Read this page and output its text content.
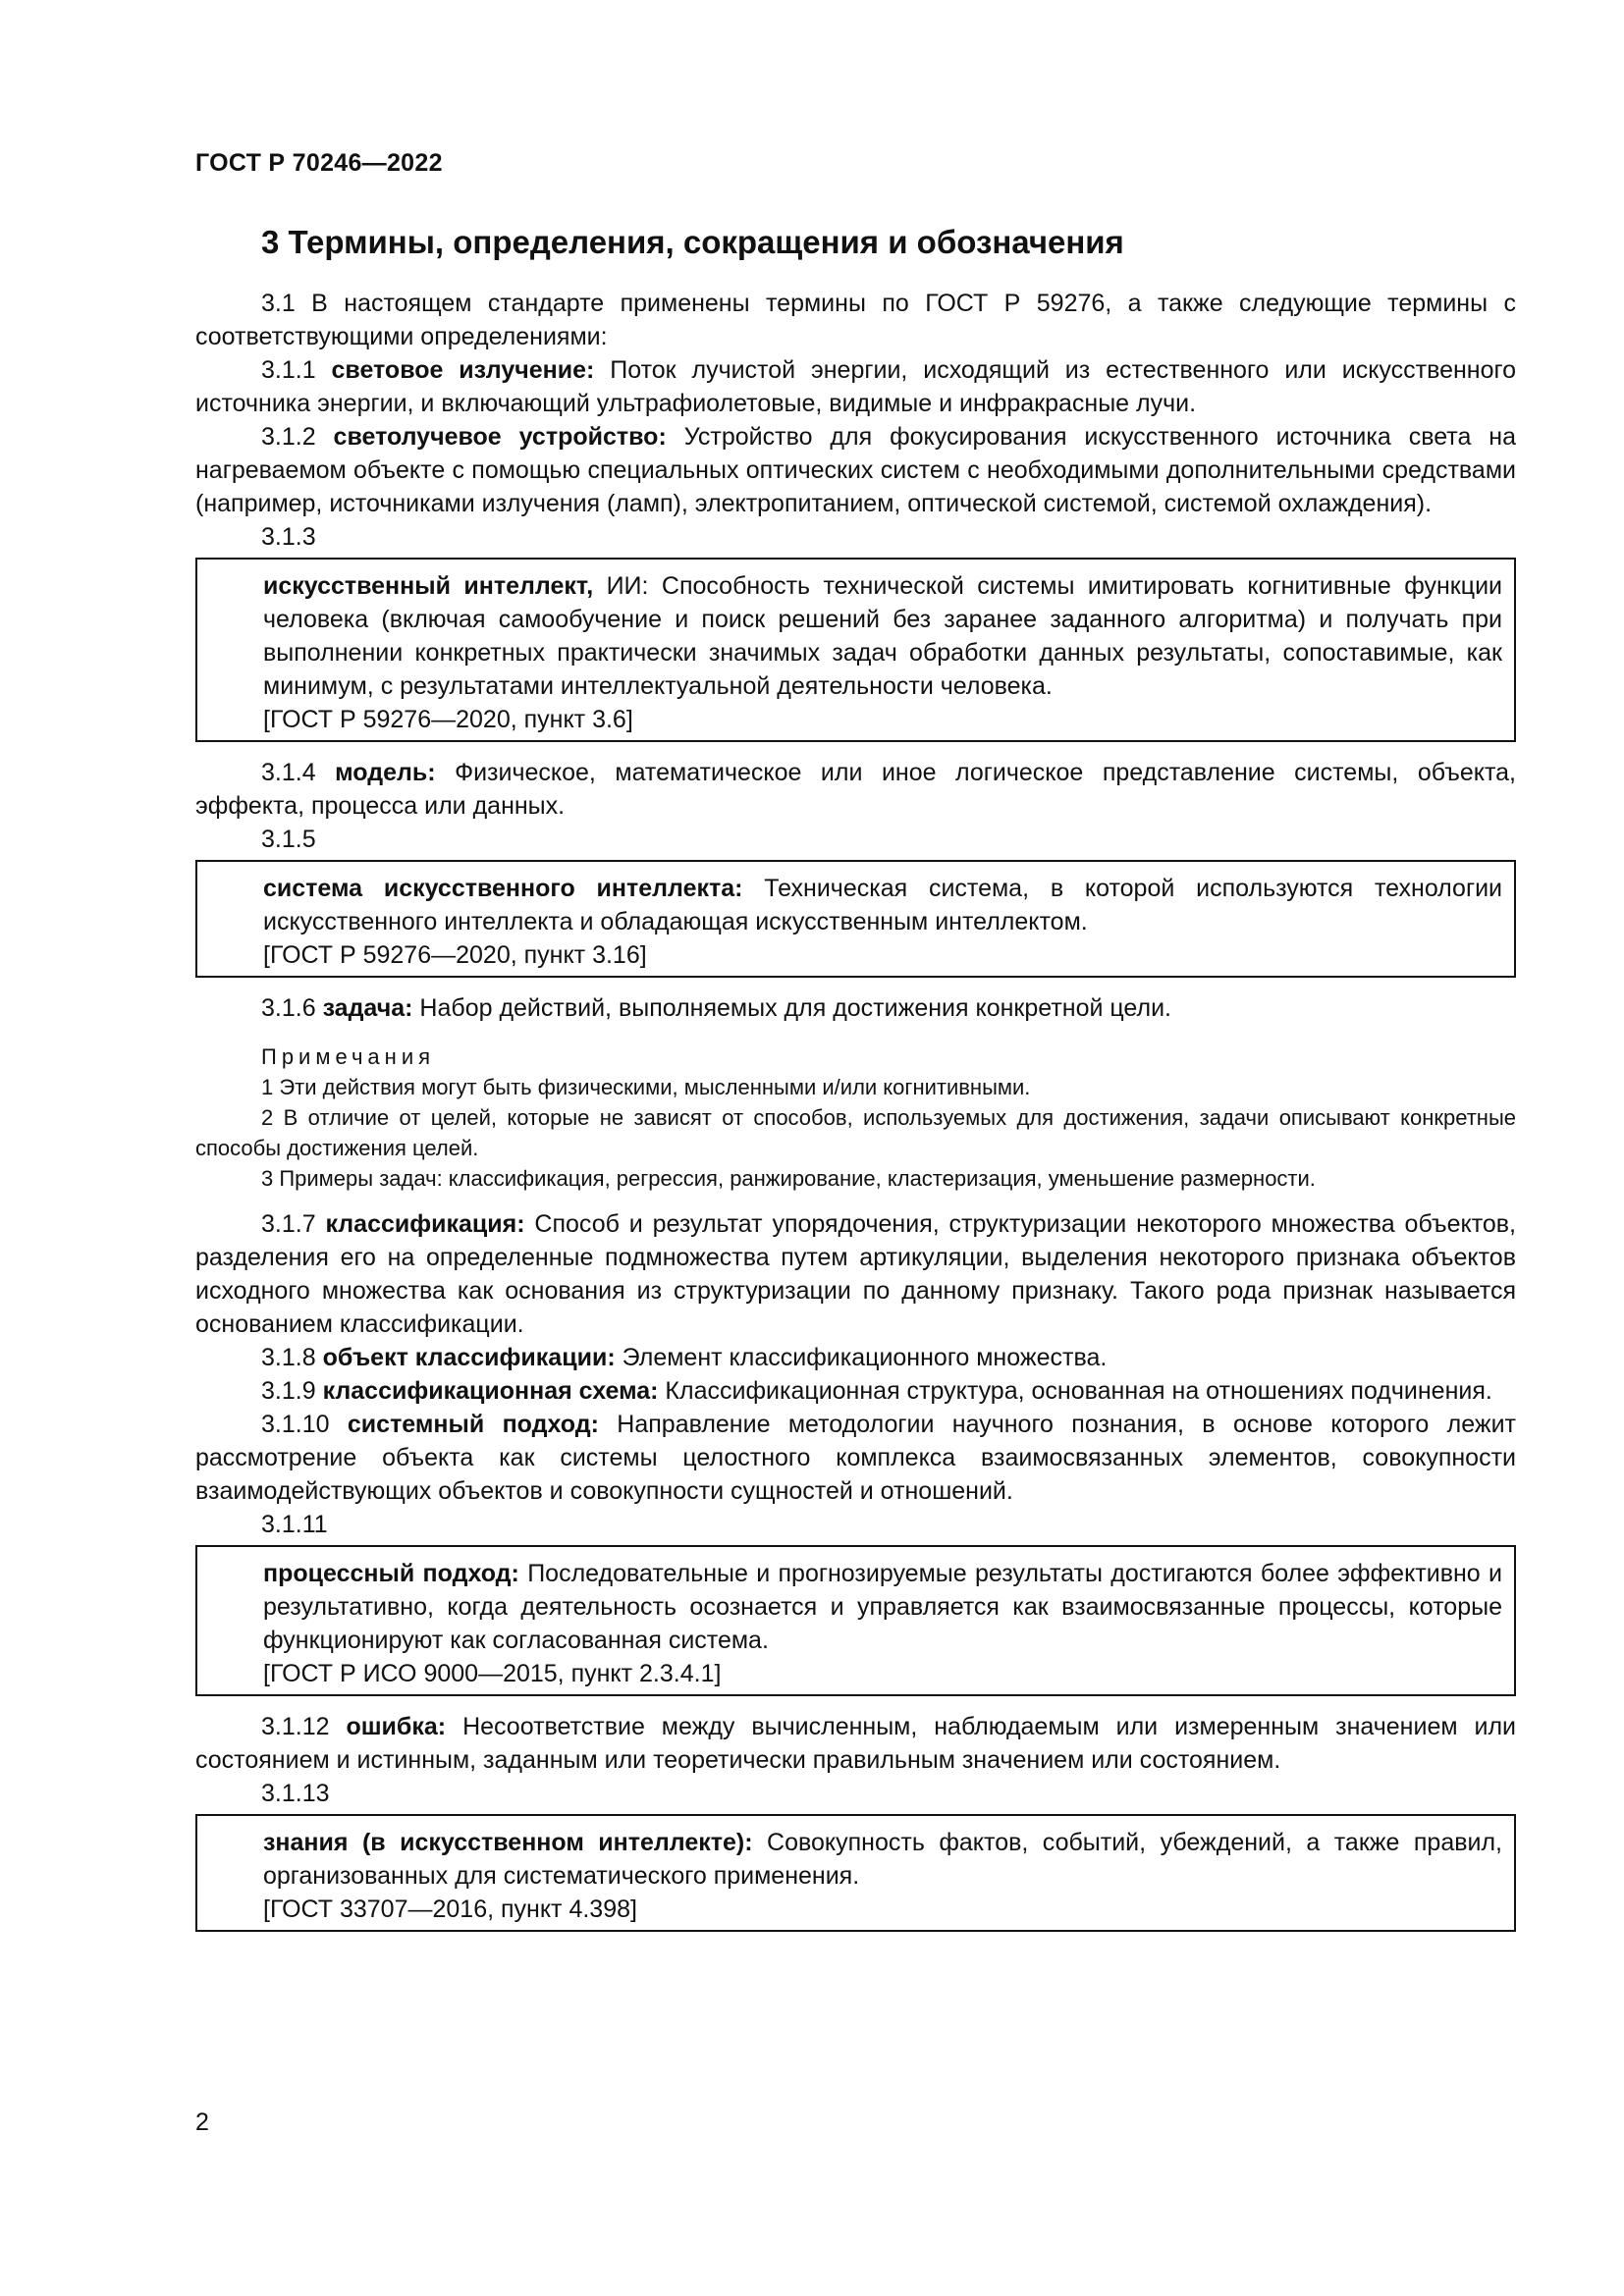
ГОСТ Р 70246—2022
3 Термины, определения, сокращения и обозначения

3.1 В настоящем стандарте применены термины по ГОСТ Р 59276, а также следующие термины с соответствующими определениями:

3.1.1 световое излучение: Поток лучистой энергии, исходящий из естественного или искусственного источника энергии, и включающий ультрафиолетовые, видимые и инфракрасные лучи.

3.1.2 светолучевое устройство: Устройство для фокусирования искусственного источника света на нагреваемом объекте с помощью специальных оптических систем с необходимыми дополнительными средствами (например, источниками излучения (ламп), электропитанием, оптической системой, системой охлаждения).

3.1.3

искусственный интеллект, ИИ: Способность технической системы имитировать когнитивные функции человека (включая самообучение и поиск решений без заранее заданного алгоритма) и получать при выполнении конкретных практически значимых задач обработки данных результаты, сопоставимые, как минимум, с результатами интеллектуальной деятельности человека.

[ГОСТ Р 59276—2020, пункт 3.6]

3.1.4 модель: Физическое, математическое или иное логическое представление системы, объекта, эффекта, процесса или данных.

3.1.5

система искусственного интеллекта: Техническая система, в которой используются технологии искусственного интеллекта и обладающая искусственным интеллектом.

[ГОСТ Р 59276—2020, пункт 3.16]

3.1.6 задача: Набор действий, выполняемых для достижения конкретной цели.

Примечания

1 Эти действия могут быть физическими, мысленными и/или когнитивными.

2 В отличие от целей, которые не зависят от способов, используемых для достижения, задачи описывают конкретные способы достижения целей.

3 Примеры задач: классификация, регрессия, ранжирование, кластеризация, уменьшение размерности.

3.1.7 классификация: Способ и результат упорядочения, структуризации некоторого множества объектов, разделения его на определенные подмножества путем артикуляции, выделения некоторого признака объектов исходного множества как основания из структуризации по данному признаку. Такого рода признак называется основанием классификации.

3.1.8 объект классификации: Элемент классификационного множества.

3.1.9 классификационная схема: Классификационная структура, основанная на отношениях подчинения.

3.1.10 системный подход: Направление методологии научного познания, в основе которого лежит рассмотрение объекта как системы целостного комплекса взаимосвязанных элементов, совокупности взаимодействующих объектов и совокупности сущностей и отношений.

3.1.11

процессный подход: Последовательные и прогнозируемые результаты достигаются более эффективно и результативно, когда деятельность осознается и управляется как взаимосвязанные процессы, которые функционируют как согласованная система.

[ГОСТ Р ИСО 9000—2015, пункт 2.3.4.1]

3.1.12 ошибка: Несоответствие между вычисленным, наблюдаемым или измеренным значением или состоянием и истинным, заданным или теоретически правильным значением или состоянием.

3.1.13

знания (в искусственном интеллекте): Совокупность фактов, событий, убеждений, а также правил, организованных для систематического применения.

[ГОСТ 33707—2016, пункт 4.398]

2
